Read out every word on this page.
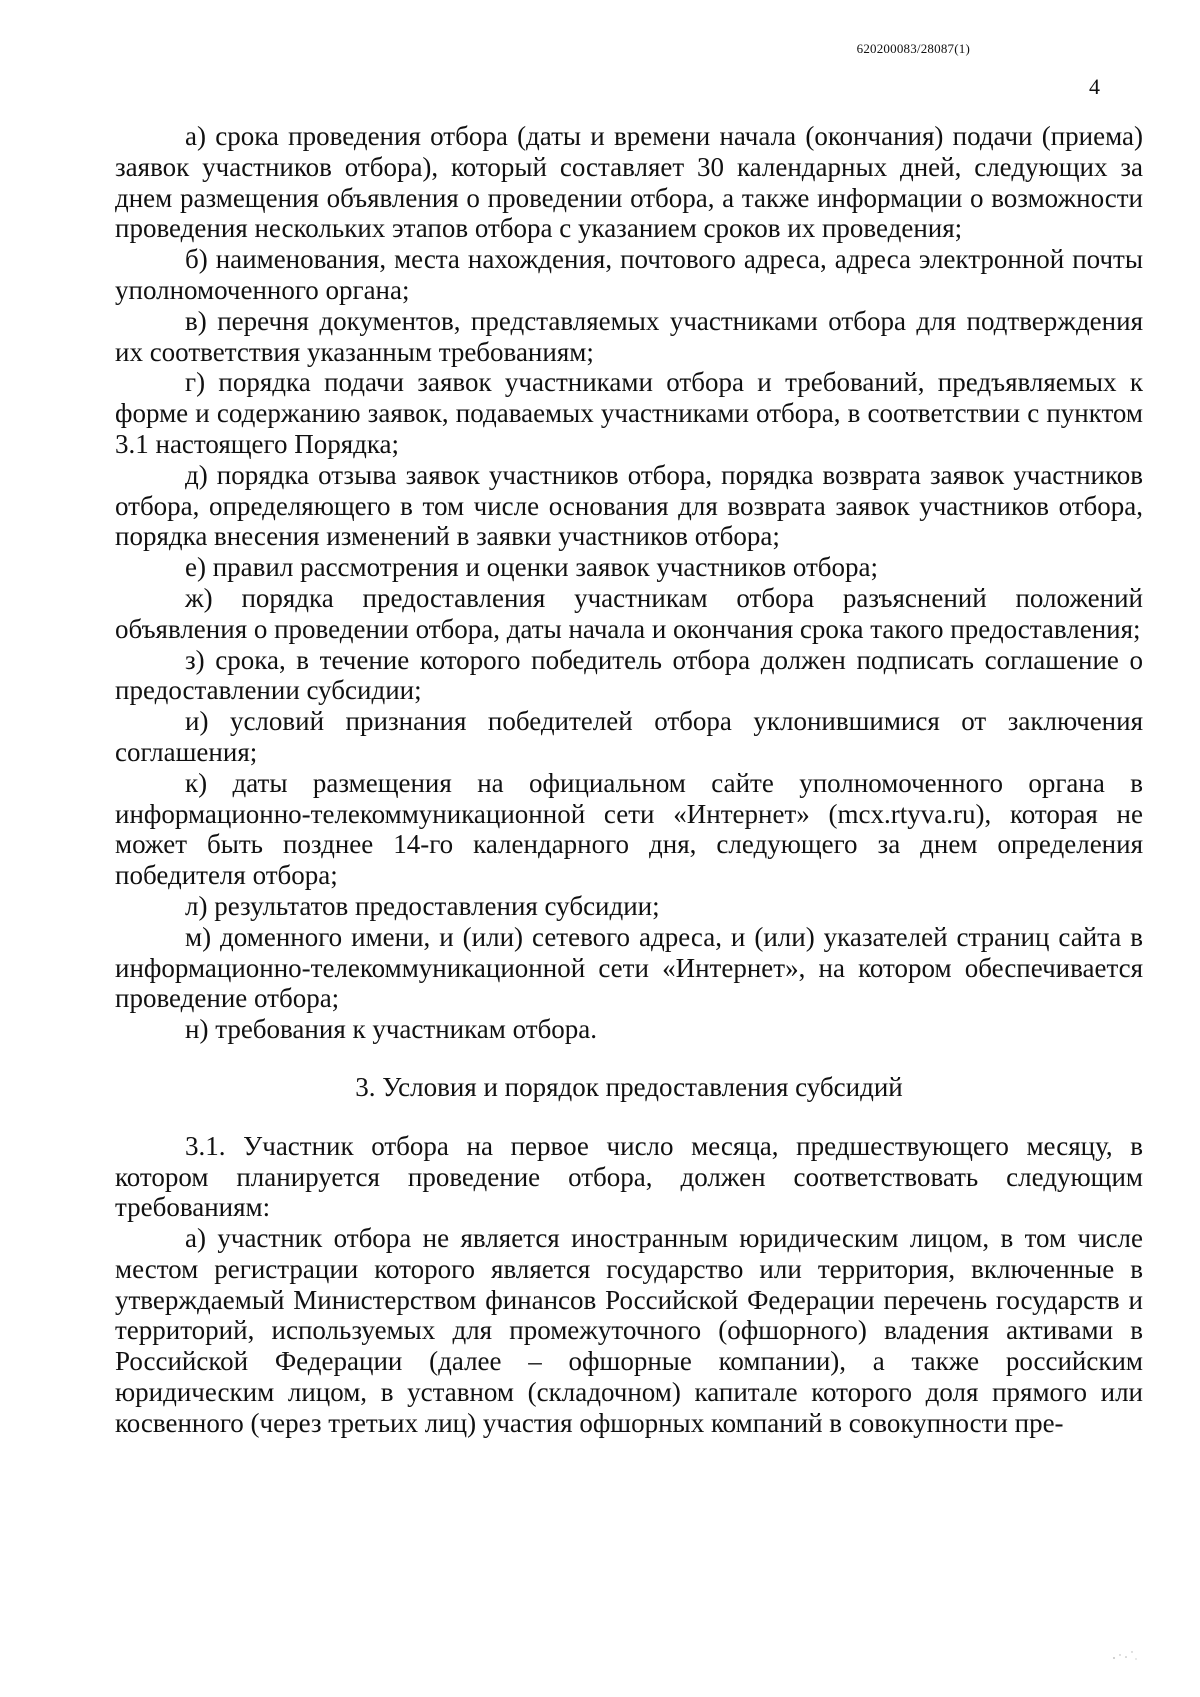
620200083/28087(1)
4

а) срока проведения отбора (даты и времени начала (окончания) подачи (приема) заявок участников отбора), который составляет 30 календарных дней, следующих за днем размещения объявления о проведении отбора, а также информации о возможности проведения нескольких этапов отбора с указанием сроков их проведения;

б) наименования, места нахождения, почтового адреса, адреса электронной почты уполномоченного органа;

в) перечня документов, представляемых участниками отбора для подтверждения их соответствия указанным требованиям;

г) порядка подачи заявок участниками отбора и требований, предъявляемых к форме и содержанию заявок, подаваемых участниками отбора, в соответствии с пунктом 3.1 настоящего Порядка;

д) порядка отзыва заявок участников отбора, порядка возврата заявок участников отбора, определяющего в том числе основания для возврата заявок участников отбора, порядка внесения изменений в заявки участников отбора;

е) правил рассмотрения и оценки заявок участников отбора;

ж) порядка предоставления участникам отбора разъяснений положений объявления о проведении отбора, даты начала и окончания срока такого предоставления;

з) срока, в течение которого победитель отбора должен подписать соглашение о предоставлении субсидии;

и) условий признания победителей отбора уклонившимися от заключения соглашения;

к) даты размещения на официальном сайте уполномоченного органа в информационно-телекоммуникационной сети «Интернет» (mcx.rtyva.ru), которая не может быть позднее 14-го календарного дня, следующего за днем определения победителя отбора;

л) результатов предоставления субсидии;

м) доменного имени, и (или) сетевого адреса, и (или) указателей страниц сайта в информационно-телекоммуникационной сети «Интернет», на котором обеспечивается проведение отбора;

н) требования к участникам отбора.

3. Условия и порядок предоставления субсидий

3.1. Участник отбора на первое число месяца, предшествующего месяцу, в котором планируется проведение отбора, должен соответствовать следующим требованиям:

а) участник отбора не является иностранным юридическим лицом, в том числе местом регистрации которого является государство или территория, включенные в утверждаемый Министерством финансов Российской Федерации перечень государств и территорий, используемых для промежуточного (офшорного) владения активами в Российской Федерации (далее – офшорные компании), а также российским юридическим лицом, в уставном (складочном) капитале которого доля прямого или косвенного (через третьих лиц) участия офшорных компаний в совокупности пре-
